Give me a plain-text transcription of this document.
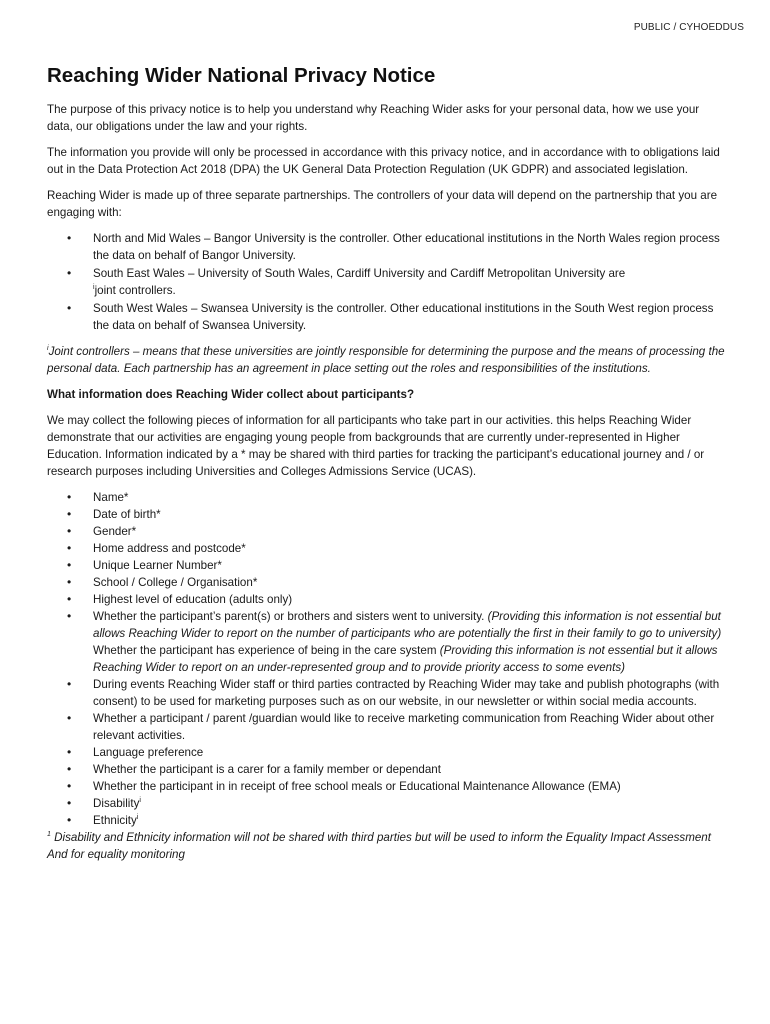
PUBLIC / CYHOEDDUS
Reaching Wider National Privacy Notice

The purpose of this privacy notice is to help you understand why Reaching Wider asks for your personal data, how we use your data, our obligations under the law and your rights.

The information you provide will only be processed in accordance with this privacy notice, and in accordance with to obligations laid out in the Data Protection Act 2018 (DPA) the UK General Data Protection Regulation (UK GDPR) and associated legislation.

Reaching Wider is made up of three separate partnerships. The controllers of your data will depend on the partnership that you are engaging with:

• North and Mid Wales – Bangor University is the controller. Other educational institutions in the North Wales region process the data on behalf of Bangor University.
• South East Wales – University of South Wales, Cardiff University and Cardiff Metropolitan University are
$^i$joint controllers.
• South West Wales – Swansea University is the controller. Other educational institutions in the South West region process the data on behalf of Swansea University.

$^i$Joint controllers – means that these universities are jointly responsible for determining the purpose and the means of processing the personal data. Each partnership has an agreement in place setting out the roles and responsibilities of the institutions.

What information does Reaching Wider collect about participants?

We may collect the following pieces of information for all participants who take part in our activities. this helps Reaching Wider demonstrate that our activities are engaging young people from backgrounds that are currently under-represented in Higher Education. Information indicated by a * may be shared with third parties for tracking the participant’s educational journey and / or research purposes including Universities and Colleges Admissions Service (UCAS).

• Name*
• Date of birth*
• Gender*
• Home address and postcode*
• Unique Learner Number*
• School / College / Organisation*
• Highest level of education (adults only)
• Whether the participant’s parent(s) or brothers and sisters went to university. (Providing this information is not essential but allows Reaching Wider to report on the number of participants who are potentially the first in their family to go to university) Whether the participant has experience of being in the care system (Providing this information is not essential but it allows Reaching Wider to report on an under-represented group and to provide priority access to some events)
• During events Reaching Wider staff or third parties contracted by Reaching Wider may take and publish photographs (with consent) to be used for marketing purposes such as on our website, in our newsletter or within social media accounts.
• Whether a participant / parent /guardian would like to receive marketing communication from Reaching Wider about other relevant activities.
• Language preference
• Whether the participant is a carer for a family member or dependant
• Whether the participant in in receipt of free school meals or Educational Maintenance Allowance (EMA)
• Disability$^i$
• Ethnicity$^i$

$^1$ Disability and Ethnicity information will not be shared with third parties but will be used to inform the Equality Impact Assessment And for equality monitoring
